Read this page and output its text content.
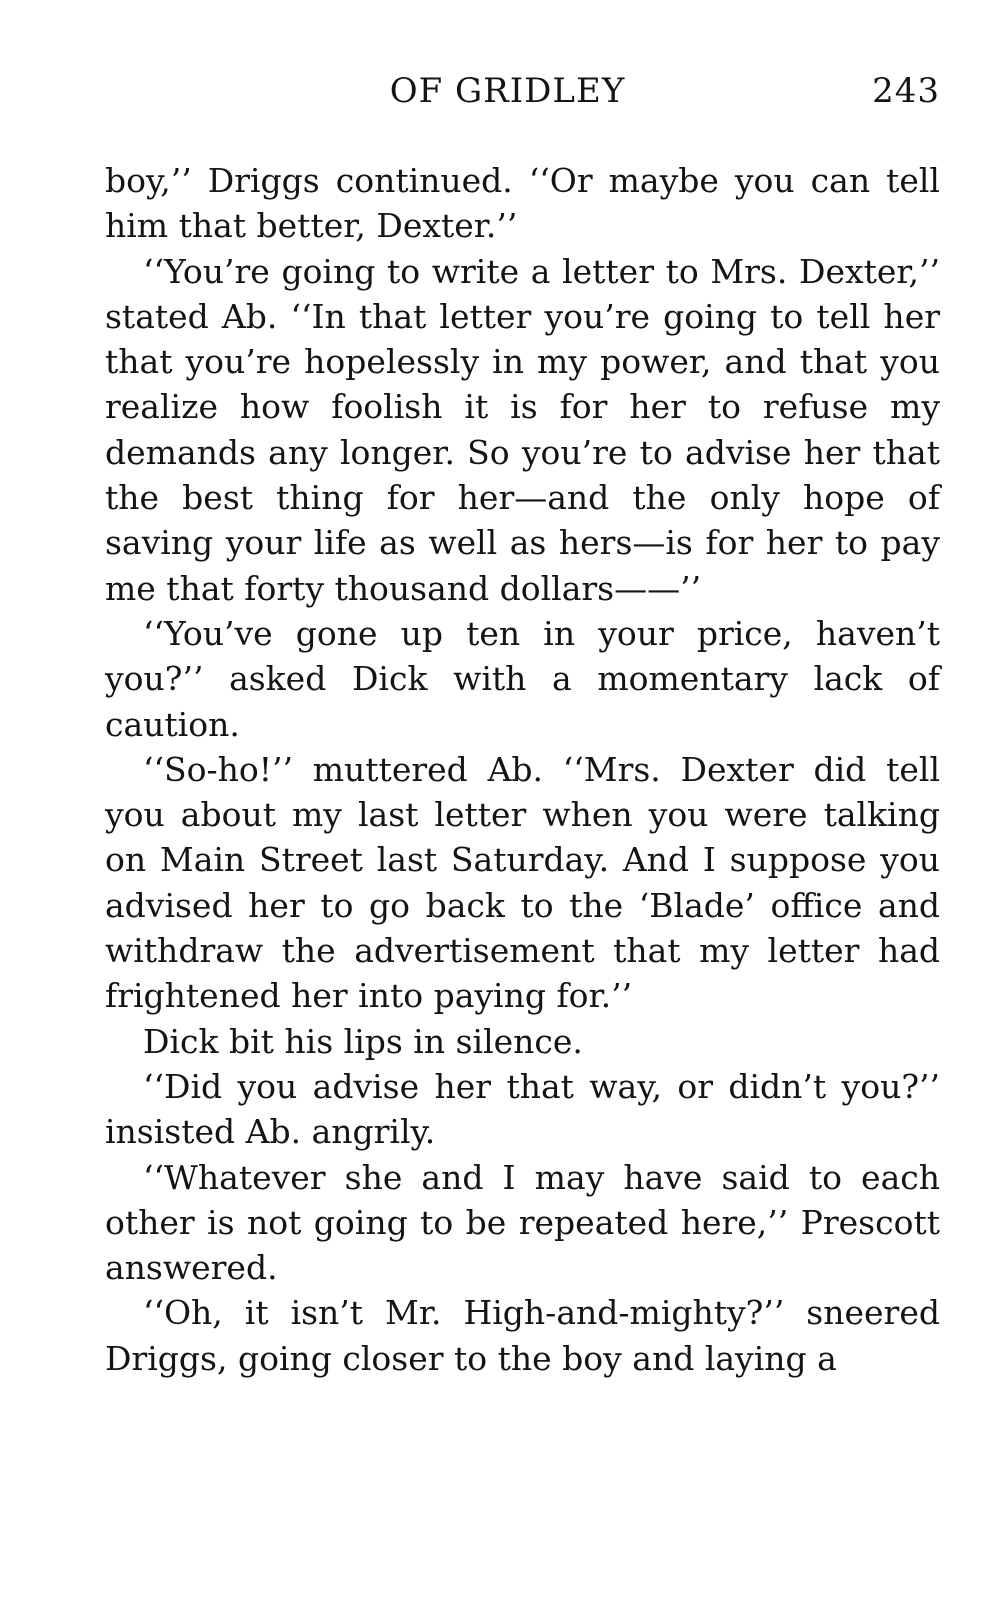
OF GRIDLEY	243

boy,’’ Driggs continued. ‘‘Or maybe you can tell him that better, Dexter.’’

‘‘You’re going to write a letter to Mrs. Dexter,’’ stated Ab. ‘‘In that letter you’re going to tell her that you’re hopelessly in my power, and that you realize how foolish it is for her to refuse my demands any longer. So you’re to advise her that the best thing for her—and the only hope of saving your life as well as hers—is for her to pay me that forty thousand dollars——’’

‘‘You’ve gone up ten in your price, haven’t you?’’ asked Dick with a momentary lack of caution.

‘‘So-ho!’’ muttered Ab. ‘‘Mrs. Dexter did tell you about my last letter when you were talking on Main Street last Saturday. And I suppose you advised her to go back to the ‘Blade’ office and withdraw the advertisement that my letter had frightened her into paying for.’’

Dick bit his lips in silence.

‘‘Did you advise her that way, or didn’t you?’’ insisted Ab. angrily.

‘‘Whatever she and I may have said to each other is not going to be repeated here,’’ Prescott answered.

‘‘Oh, it isn’t Mr. High-and-mighty?’’ sneered Driggs, going closer to the boy and laying a
